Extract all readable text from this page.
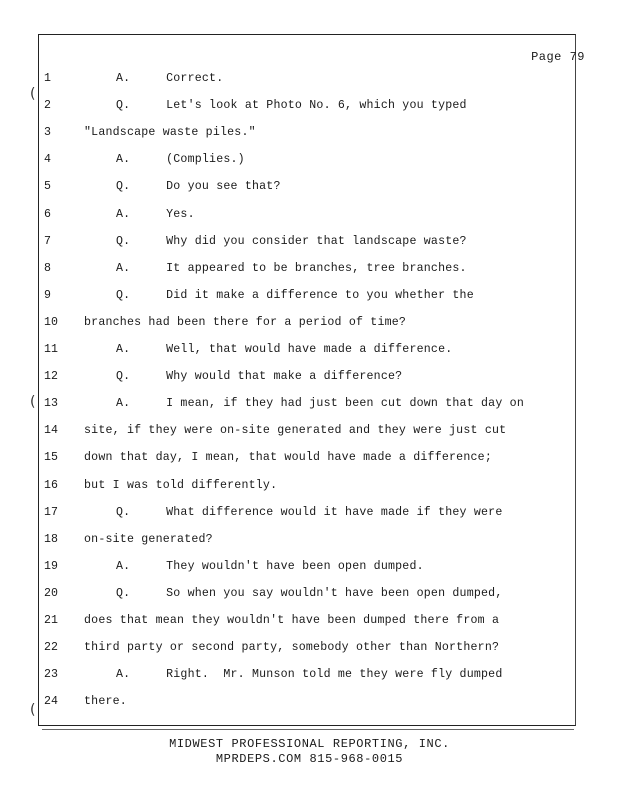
(
(
(
Page 79
1	A.     Correct.
2	Q.     Let's look at Photo No. 6, which you typed
3	"Landscape waste piles."
4	A.     (Complies.)
5	Q.     Do you see that?
6	A.     Yes.
7	Q.     Why did you consider that landscape waste?
8	A.     It appeared to be branches, tree branches.
9	Q.     Did it make a difference to you whether the
10	branches had been there for a period of time?
11	A.     Well, that would have made a difference.
12	Q.     Why would that make a difference?
13	A.     I mean, if they had just been cut down that day on
14	site, if they were on-site generated and they were just cut
15	down that day, I mean, that would have made a difference;
16	but I was told differently.
17	Q.     What difference would it have made if they were
18	on-site generated?
19	A.     They wouldn't have been open dumped.
20	Q.     So when you say wouldn't have been open dumped,
21	does that mean they wouldn't have been dumped there from a
22	third party or second party, somebody other than Northern?
23	A.     Right.  Mr. Munson told me they were fly dumped
24	there.
MIDWEST PROFESSIONAL REPORTING, INC.
MPRDEPS.COM 815-968-0015
